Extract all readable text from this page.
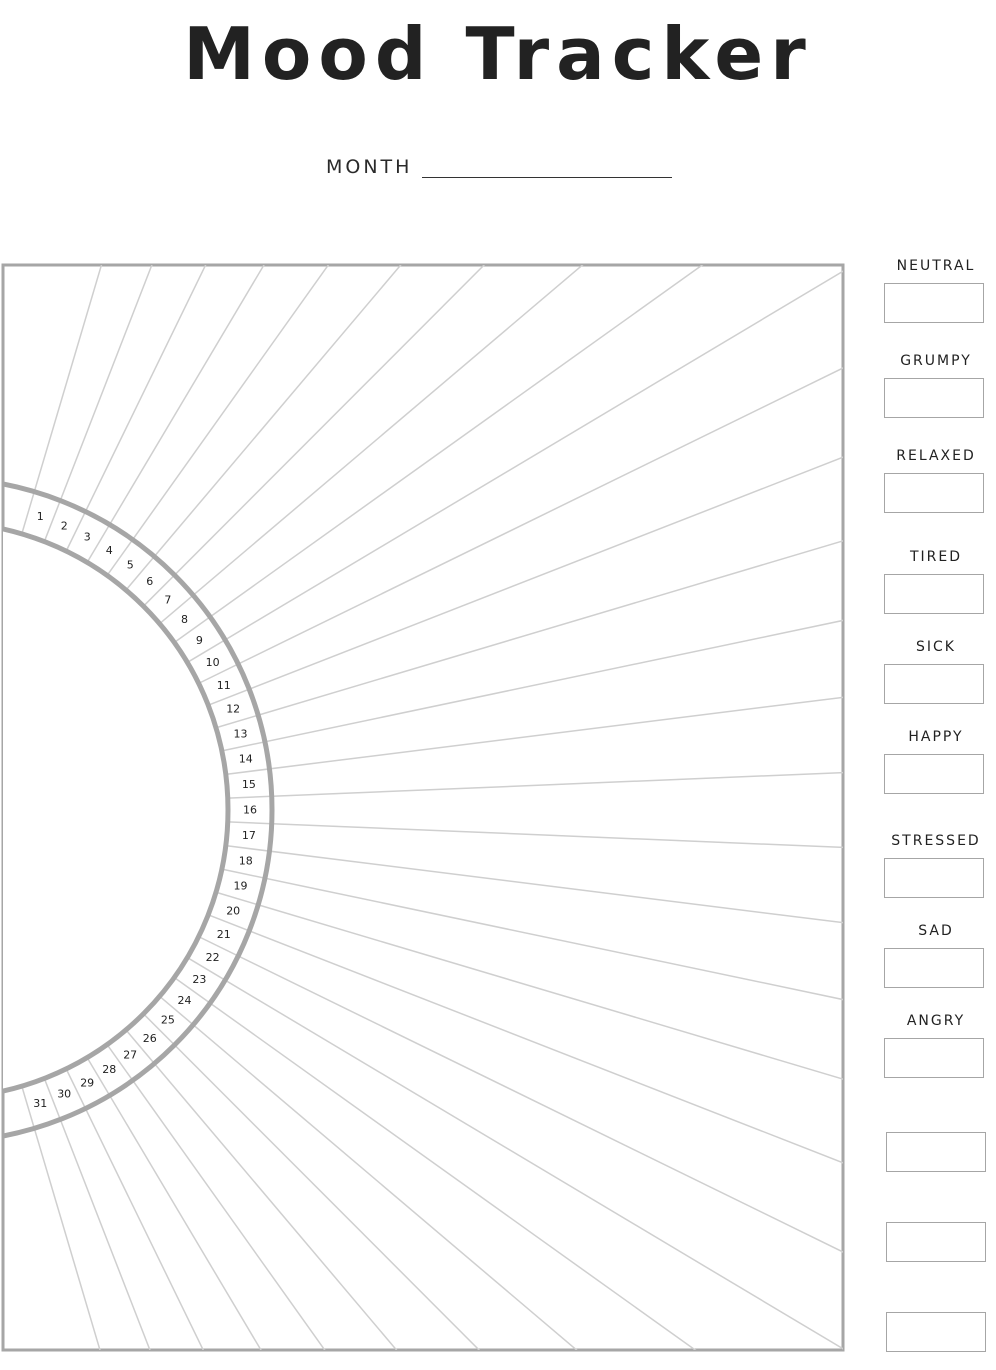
Mood Tracker
MONTH
1
2
3
4
5
6
7
8
9
10
11
12
13
14
15
16
17
18
19
20
21
22
23
24
25
26
27
28
29
30
31
NEUTRAL
GRUMPY
RELAXED
TIRED
SICK
HAPPY
STRESSED
SAD
ANGRY
